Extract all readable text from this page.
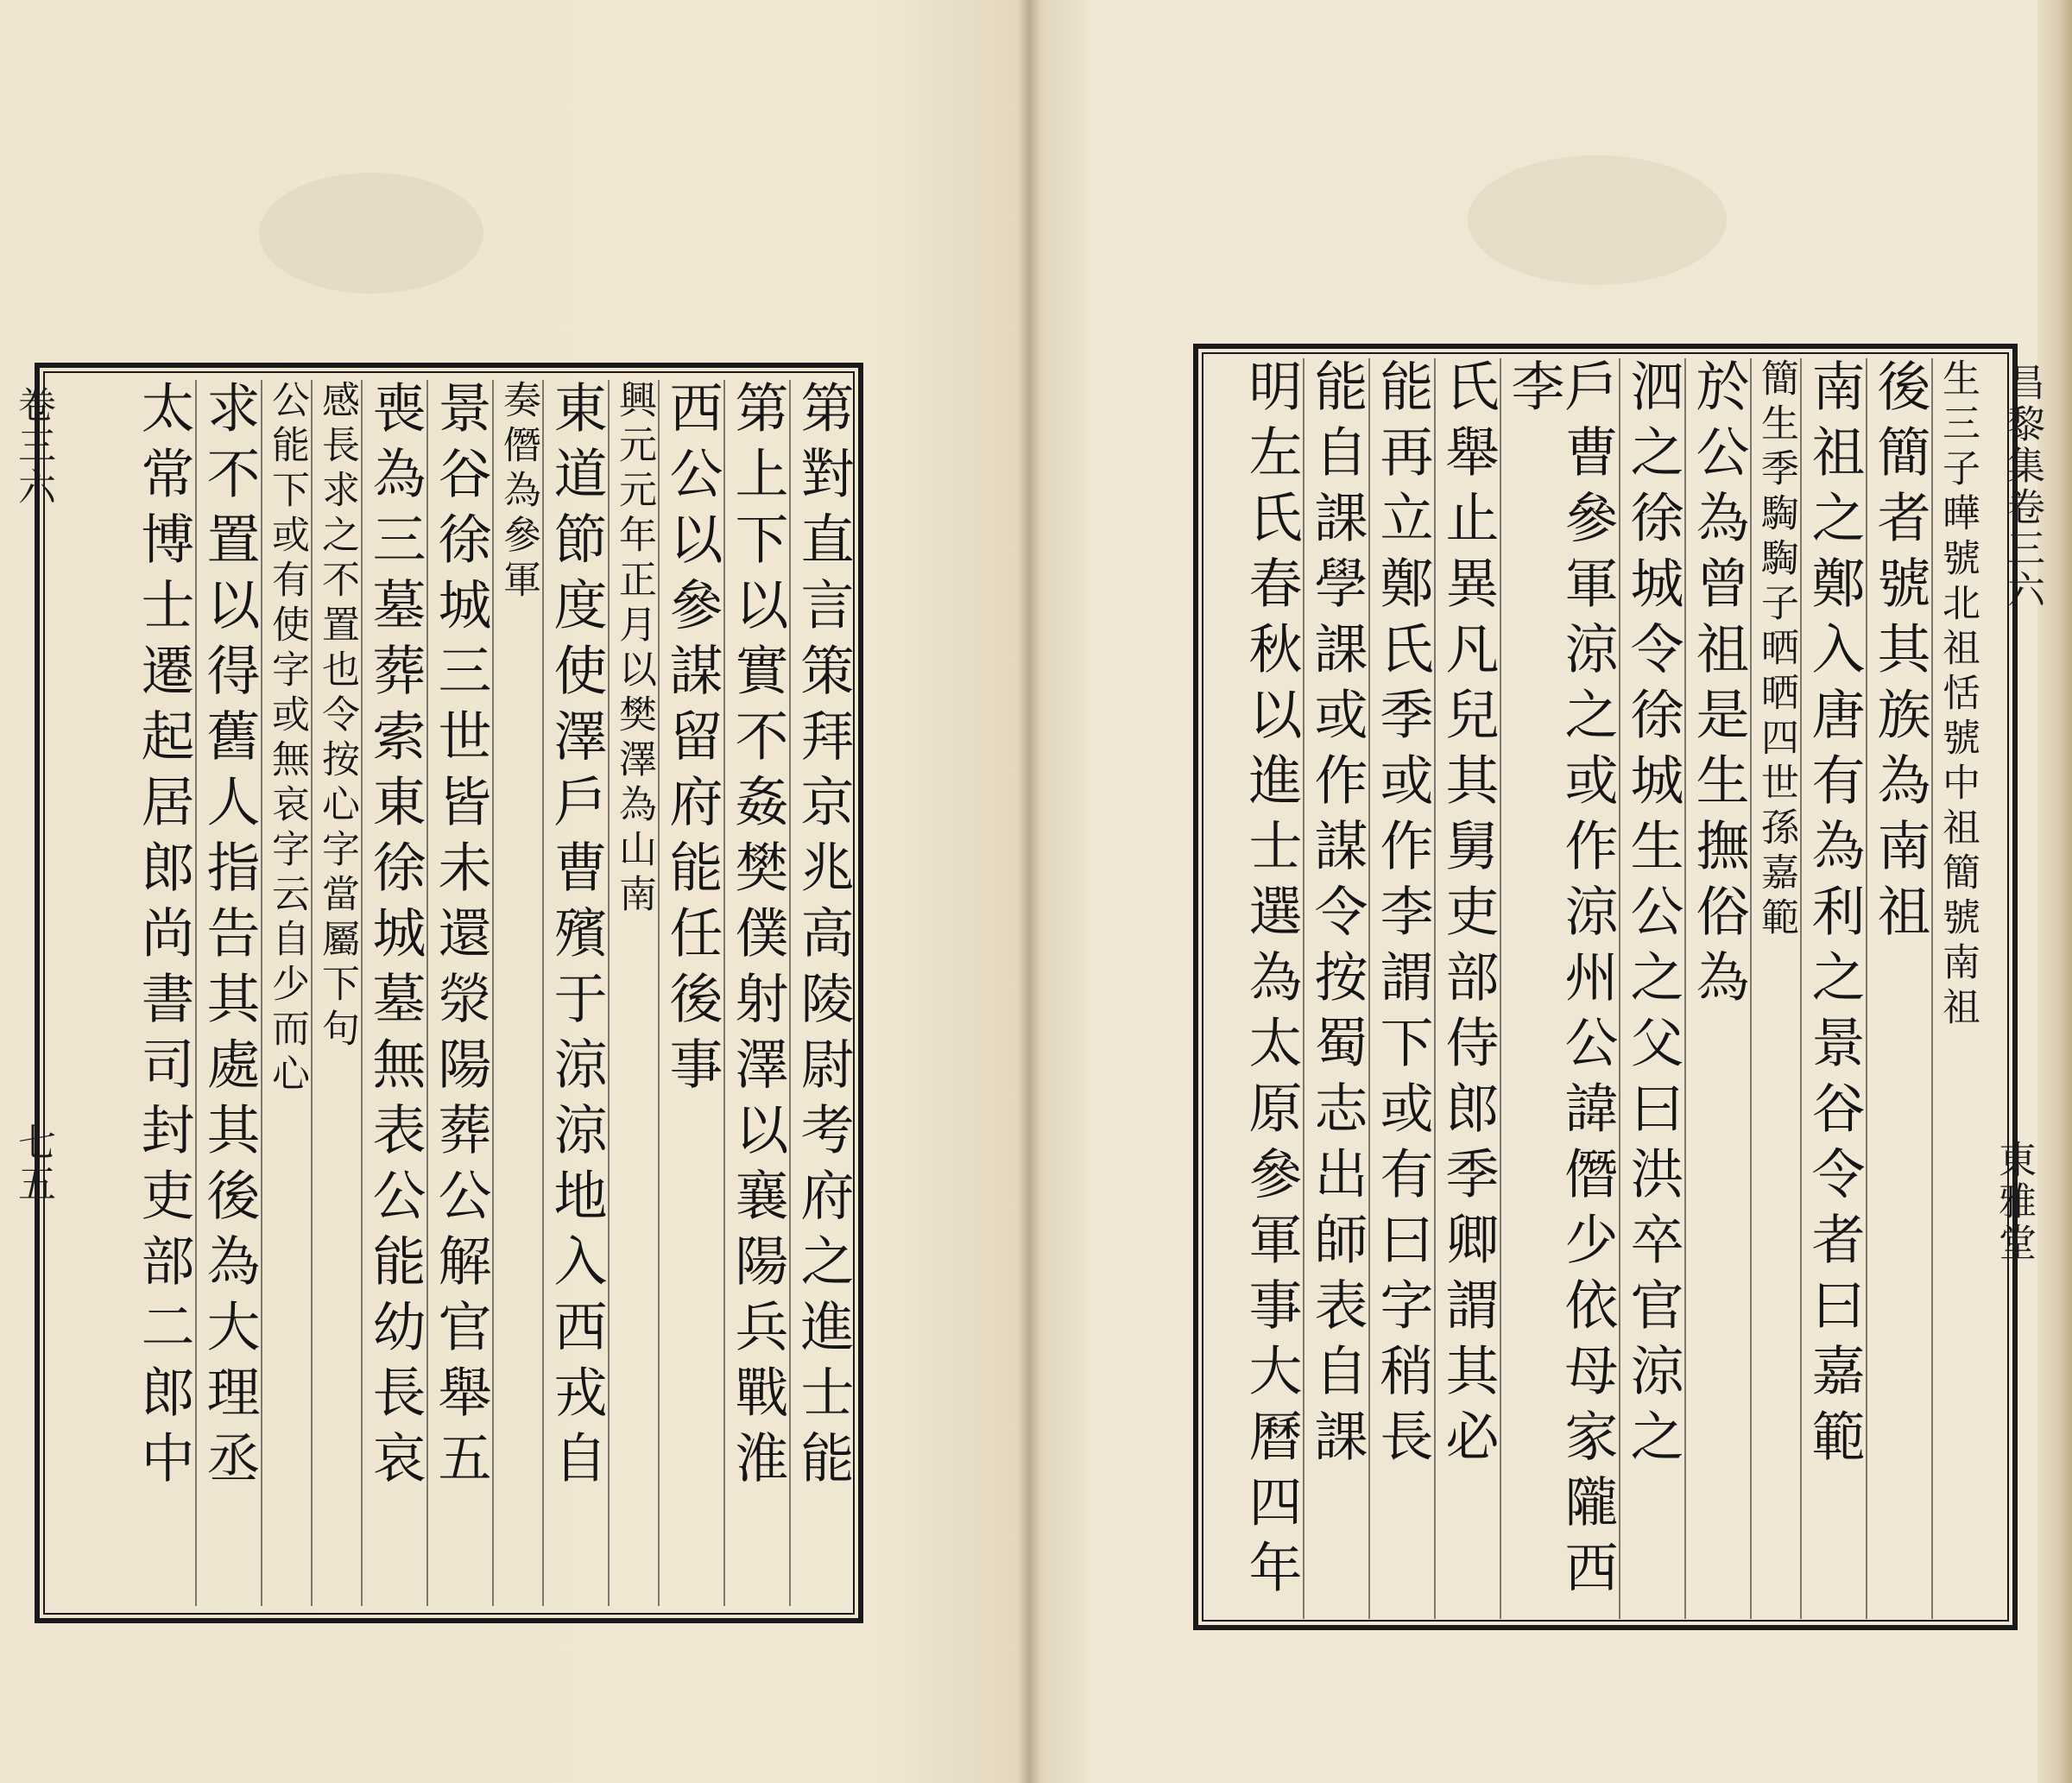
卷三六
七五	第對直言策拜京兆高陵尉考府之進士能
第上下以實不姦樊僕射澤以襄陽兵戰淮
西公以參謀留府能任後事
興元元年正月以樊澤為山南
東道節度使澤戶曹殯于涼涼地入西戎自
奏僭為參軍
景谷徐城三世皆未還滎陽葬公解官舉五
喪為三墓葬索東徐城墓無表公能幼長哀
感長求之不置也令按心字當屬下句
公能下或有使字或無哀字云自少而心
求不置以得舊人指告其處其後為大理丞
太常博士遷起居郎尚書司封吏部二郎中	昌黎集卷三六
東雅堂
生三子曄號北祖恬號中祖簡號南祖
後簡者號其族為南祖
南祖之鄭入唐有為利之景谷令者曰嘉範
簡生季騊騊子晒晒四世孫嘉範
於公為曾祖是生撫俗為
泗之徐城令徐城生公之父曰洪卒官涼之
戶曹參軍涼之或作涼州公諱僭少依母家隴西李
氏舉止異凡兒其舅吏部侍郎季卿謂其必
能再立鄭氏季或作李謂下或有曰字稍長
能自課學課或作謀令按蜀志出師表自課
明左氏春秋以進士選為太原參軍事大曆四年
